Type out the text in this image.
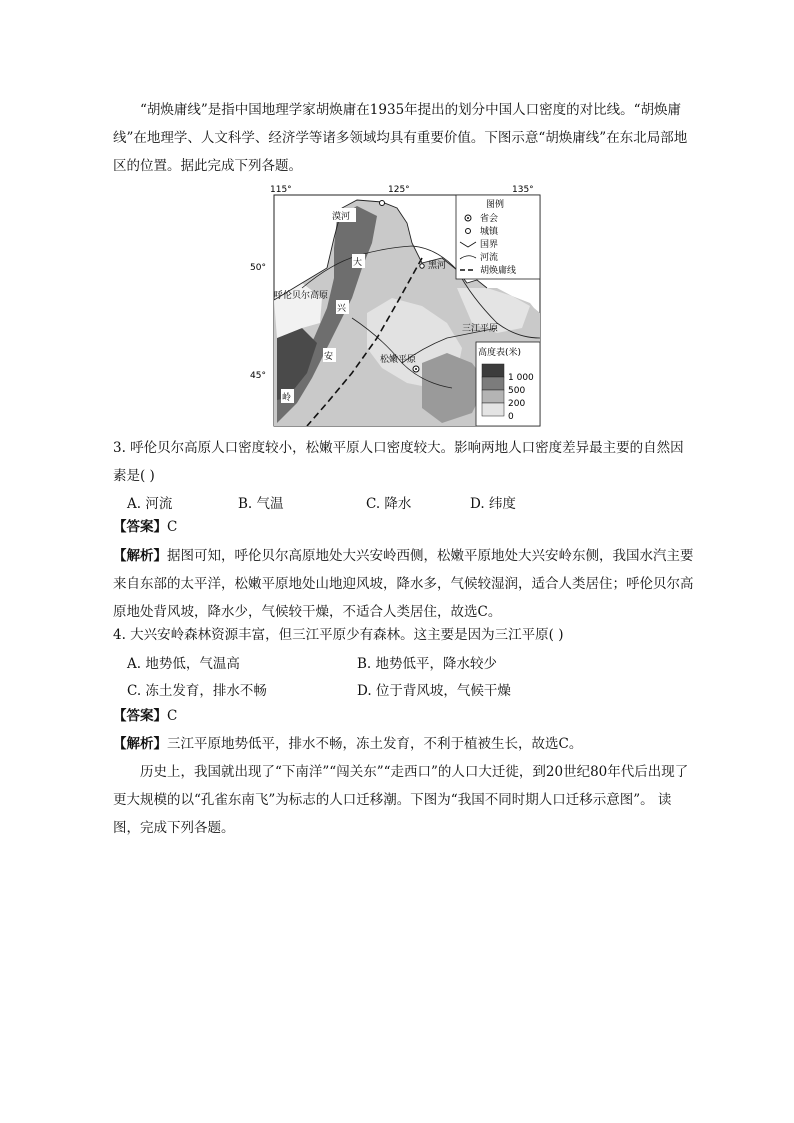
“胡焕庸线”是指中国地理学家胡焕庸在1935年提出的划分中国人口密度的对比线。“胡焕庸线”在地理学、人文科学、经济学等诸多领域均具有重要价值。下图示意“胡焕庸线”在东北局部地区的位置。据此完成下列各题。

115°	125°	135°
50°
45°
漠河
黑河
大
呼伦贝尔高原
兴
安
岭
三江平原
松嫩平原
图例
省会
城镇
国界
河流
胡焕庸线
高度表(米)
1 000
500
200
0
3. 呼伦贝尔高原人口密度较小，松嫩平原人口密度较大。影响两地人口密度差异最主要的自然因素是( )
A. 河流	B. 气温	C. 降水	D. 纬度
【答案】C
【解析】据图可知，呼伦贝尔高原地处大兴安岭西侧，松嫩平原地处大兴安岭东侧，我国水汽主要来自东部的太平洋，松嫩平原地处山地迎风坡，降水多，气候较湿润，适合人类居住；呼伦贝尔高原地处背风坡，降水少，气候较干燥，不适合人类居住，故选C。
4. 大兴安岭森林资源丰富，但三江平原少有森林。这主要是因为三江平原( )
A. 地势低，气温高	B. 地势低平，降水较少
C. 冻土发育，排水不畅	D. 位于背风坡，气候干燥
【答案】C
【解析】三江平原地势低平，排水不畅，冻土发育，不利于植被生长，故选C。

历史上，我国就出现了“下南洋”“闯关东”“走西口”的人口大迁徙，到20世纪80年代后出现了更大规模的以“孔雀东南飞”为标志的人口迁移潮。下图为“我国不同时期人口迁移示意图”。 读图，完成下列各题。
